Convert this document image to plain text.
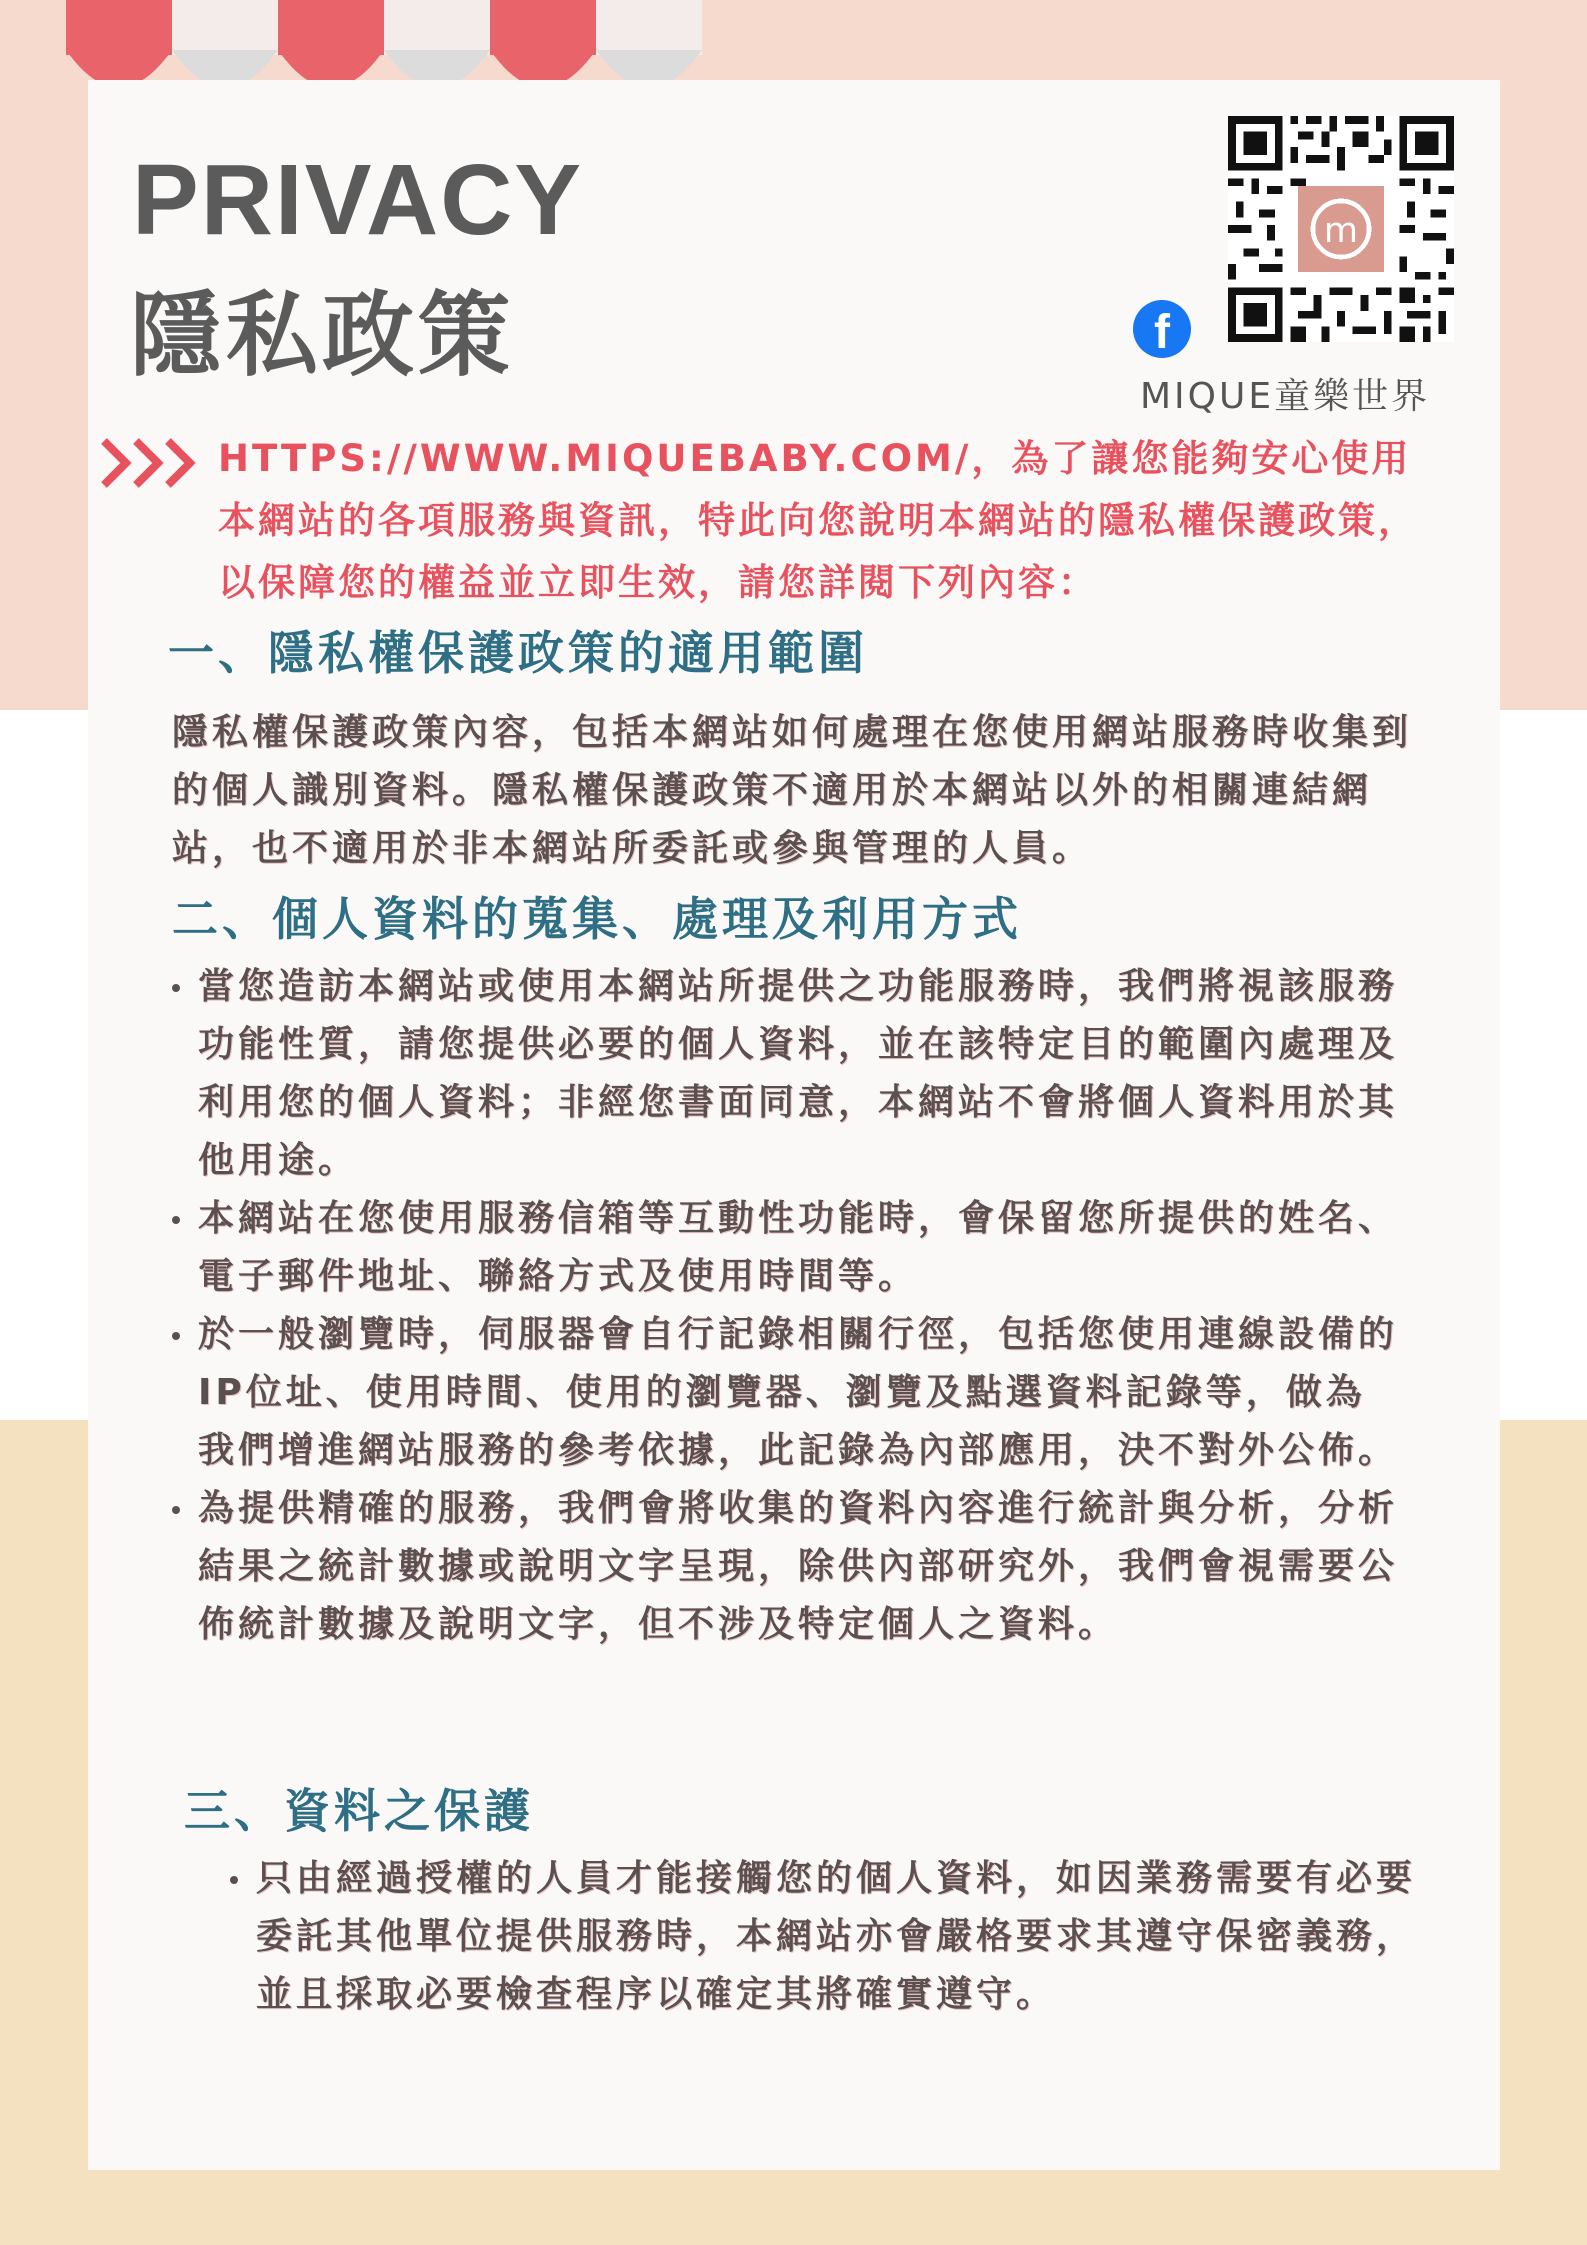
PRIVACY
隱私政策
m
f
MIQUE童樂世界
HTTPS://WWW.MIQUEBABY.COM/，為了讓您能夠安心使用本網站的各項服務與資訊，特此向您說明本網站的隱私權保護政策，以保障您的權益並立即生效，請您詳閱下列內容：
一、隱私權保護政策的適用範圍
隱私權保護政策內容，包括本網站如何處理在您使用網站服務時收集到的個人識別資料。隱私權保護政策不適用於本網站以外的相關連結網站，也不適用於非本網站所委託或參與管理的人員。
二、個人資料的蒐集、處理及利用方式
當您造訪本網站或使用本網站所提供之功能服務時，我們將視該服務功能性質，請您提供必要的個人資料，並在該特定目的範圍內處理及利用您的個人資料；非經您書面同意，本網站不會將個人資料用於其他用途。
本網站在您使用服務信箱等互動性功能時，會保留您所提供的姓名、電子郵件地址、聯絡方式及使用時間等。
於一般瀏覽時，伺服器會自行記錄相關行徑，包括您使用連線設備的IP位址、使用時間、使用的瀏覽器、瀏覽及點選資料記錄等，做為我們增進網站服務的參考依據，此記錄為內部應用，決不對外公佈。
為提供精確的服務，我們會將收集的資料內容進行統計與分析，分析結果之統計數據或說明文字呈現，除供內部研究外，我們會視需要公佈統計數據及說明文字，但不涉及特定個人之資料。
三、資料之保護
只由經過授權的人員才能接觸您的個人資料，如因業務需要有必要委託其他單位提供服務時，本網站亦會嚴格要求其遵守保密義務，並且採取必要檢查程序以確定其將確實遵守。
